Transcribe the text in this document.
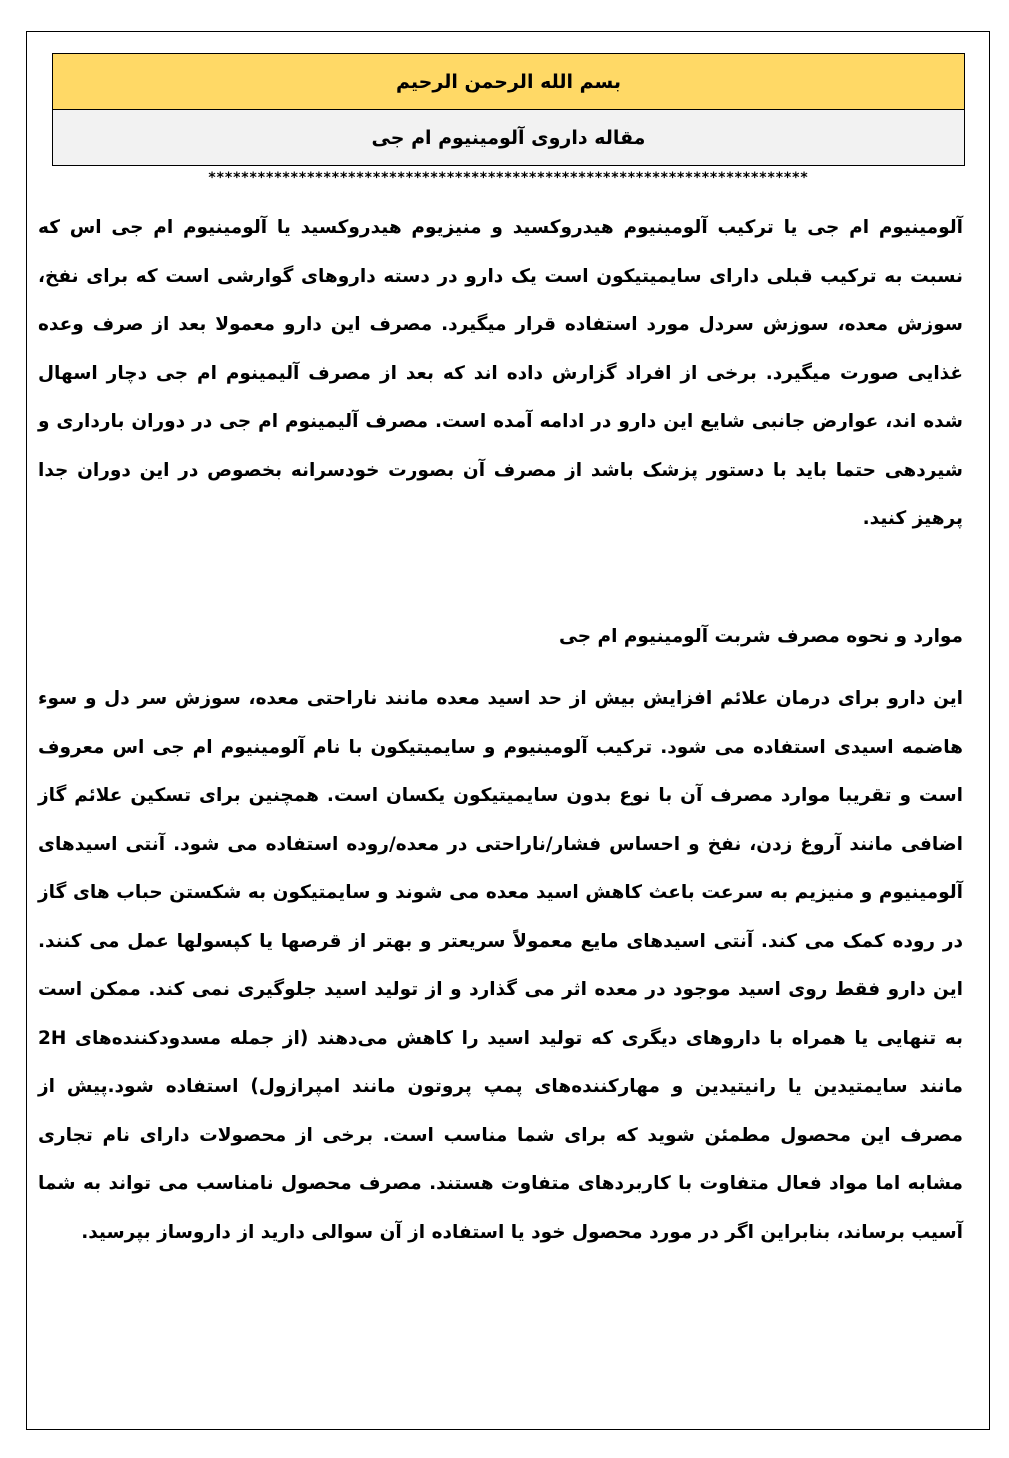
بسم الله الرحمن الرحیم
مقاله داروی آلومینیوم ام جی
*************************************************************************

آلومینیوم ام جی یا ترکیب آلومینیوم هیدروکسید و منیزیوم هیدروکسید یا آلومینیوم ام جی اس که نسبت به ترکیب قبلی دارای سایمیتیکون است یک دارو در دسته داروهای گوارشی است که برای نفخ، سوزش معده، سوزش سردل مورد استفاده قرار میگیرد. مصرف این دارو معمولا بعد از صرف وعده غذایی صورت میگیرد. برخی از افراد گزارش داده اند که بعد از مصرف آلیمینوم ام جی دچار اسهال شده اند، عوارض جانبی شایع این دارو در ادامه آمده است. مصرف آلیمینوم ام جی در دوران بارداری و شیردهی حتما باید با دستور پزشک باشد از مصرف آن بصورت خودسرانه بخصوص در این دوران جدا پرهیز کنید.

موارد و نحوه مصرف شربت آلومینیوم ام جی

این دارو برای درمان علائم افزایش بیش از حد اسید معده مانند ناراحتی معده، سوزش سر دل و سوء هاضمه اسیدی استفاده می شود. ترکیب آلومینیوم و سایمیتیکون با نام آلومینیوم ام جی اس معروف است و تقریبا موارد مصرف آن با نوع بدون سایمیتیکون یکسان است. همچنین برای تسکین علائم گاز اضافی مانند آروغ زدن، نفخ و احساس فشار/ناراحتی در معده/روده استفاده می شود. آنتی اسیدهای آلومینیوم و منیزیم به سرعت باعث کاهش اسید معده می شوند و سایمتیکون به شکستن حباب های گاز در روده کمک می کند. آنتی اسیدهای مایع معمولاً سریعتر و بهتر از قرصها یا کپسولها عمل می کنند. این دارو فقط روی اسید موجود در معده اثر می گذارد و از تولید اسید جلوگیری نمی کند. ممکن است به تنهایی یا همراه با داروهای دیگری که تولید اسید را کاهش می‌دهند (از جمله مسدودکننده‌های 2H مانند سایمتیدین یا رانیتیدین و مهارکننده‌های پمپ پروتون مانند امپرازول) استفاده شود.پیش از مصرف این محصول مطمئن شوید که برای شما مناسب است. برخی از محصولات دارای نام تجاری مشابه اما مواد فعال متفاوت با کاربردهای متفاوت هستند. مصرف محصول نامناسب می تواند به شما آسیب برساند، بنابراین اگر در مورد محصول خود یا استفاده از آن سوالی دارید از داروساز بپرسید.
